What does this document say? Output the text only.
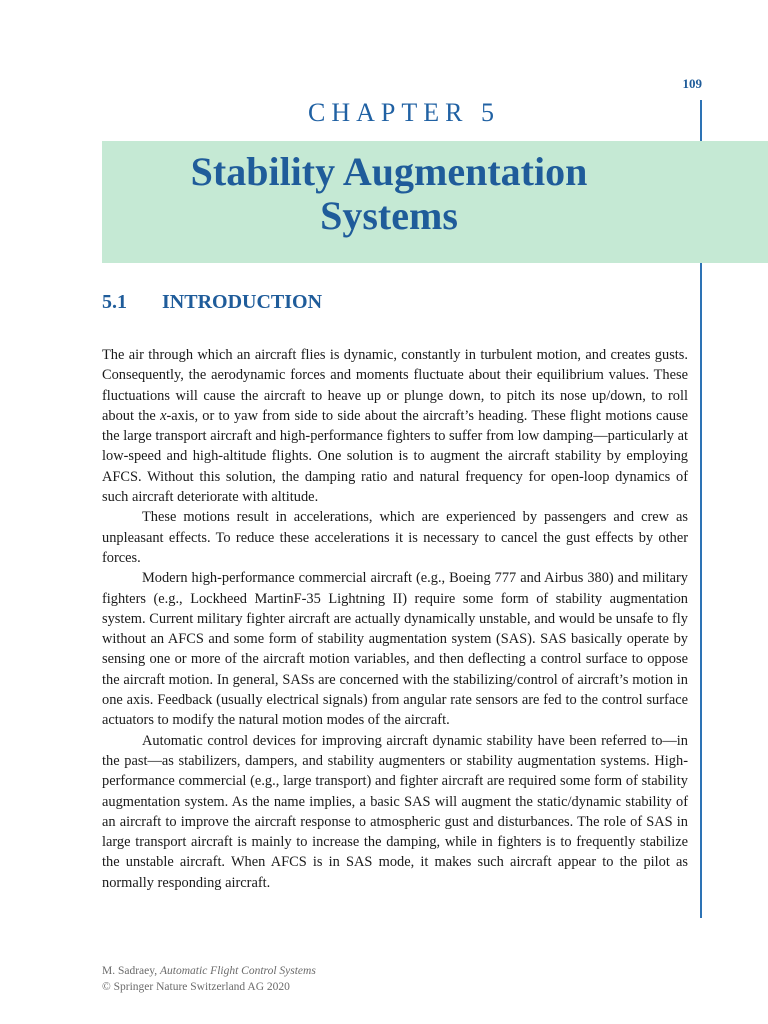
109
CHAPTER 5
Stability Augmentation
Systems
5.1 INTRODUCTION

The air through which an aircraft flies is dynamic, constantly in turbulent motion, and creates gusts. Consequently, the aerodynamic forces and moments fluctuate about their equilibrium values. These fluctuations will cause the aircraft to heave up or plunge down, to pitch its nose up/down, to roll about the x-axis, or to yaw from side to side about the aircraft’s heading. These flight motions cause the large transport aircraft and high-performance fighters to suffer from low damping—particularly at low-speed and high-altitude flights. One solution is to augment the aircraft stability by employing AFCS. Without this solution, the damping ratio and natural frequency for open-loop dynamics of such aircraft deteriorate with altitude.

These motions result in accelerations, which are experienced by passengers and crew as unpleasant effects. To reduce these accelerations it is necessary to cancel the gust effects by other forces.

Modern high-performance commercial aircraft (e.g., Boeing 777 and Airbus 380) and military fighters (e.g., Lockheed MartinF-35 Lightning II) require some form of stability augmentation system. Current military fighter aircraft are actually dynamically unstable, and would be unsafe to fly without an AFCS and some form of stability augmentation system (SAS). SAS basically operate by sensing one or more of the aircraft motion variables, and then deflecting a control surface to oppose the aircraft motion. In general, SASs are concerned with the stabilizing/control of aircraft’s motion in one axis. Feedback (usually electrical signals) from angular rate sensors are fed to the control surface actuators to modify the natural motion modes of the aircraft.

Automatic control devices for improving aircraft dynamic stability have been referred to—in the past—as stabilizers, dampers, and stability augmenters or stability augmentation systems. High-performance commercial (e.g., large transport) and fighter aircraft are required some form of stability augmentation system. As the name implies, a basic SAS will augment the static/dynamic stability of an aircraft to improve the aircraft response to atmospheric gust and disturbances. The role of SAS in large transport aircraft is mainly to increase the damping, while in fighters is to frequently stabilize the unstable aircraft. When AFCS is in SAS mode, it makes such aircraft appear to the pilot as normally responding aircraft.

M. Sadraey, Automatic Flight Control Systems
© Springer Nature Switzerland AG 2020
